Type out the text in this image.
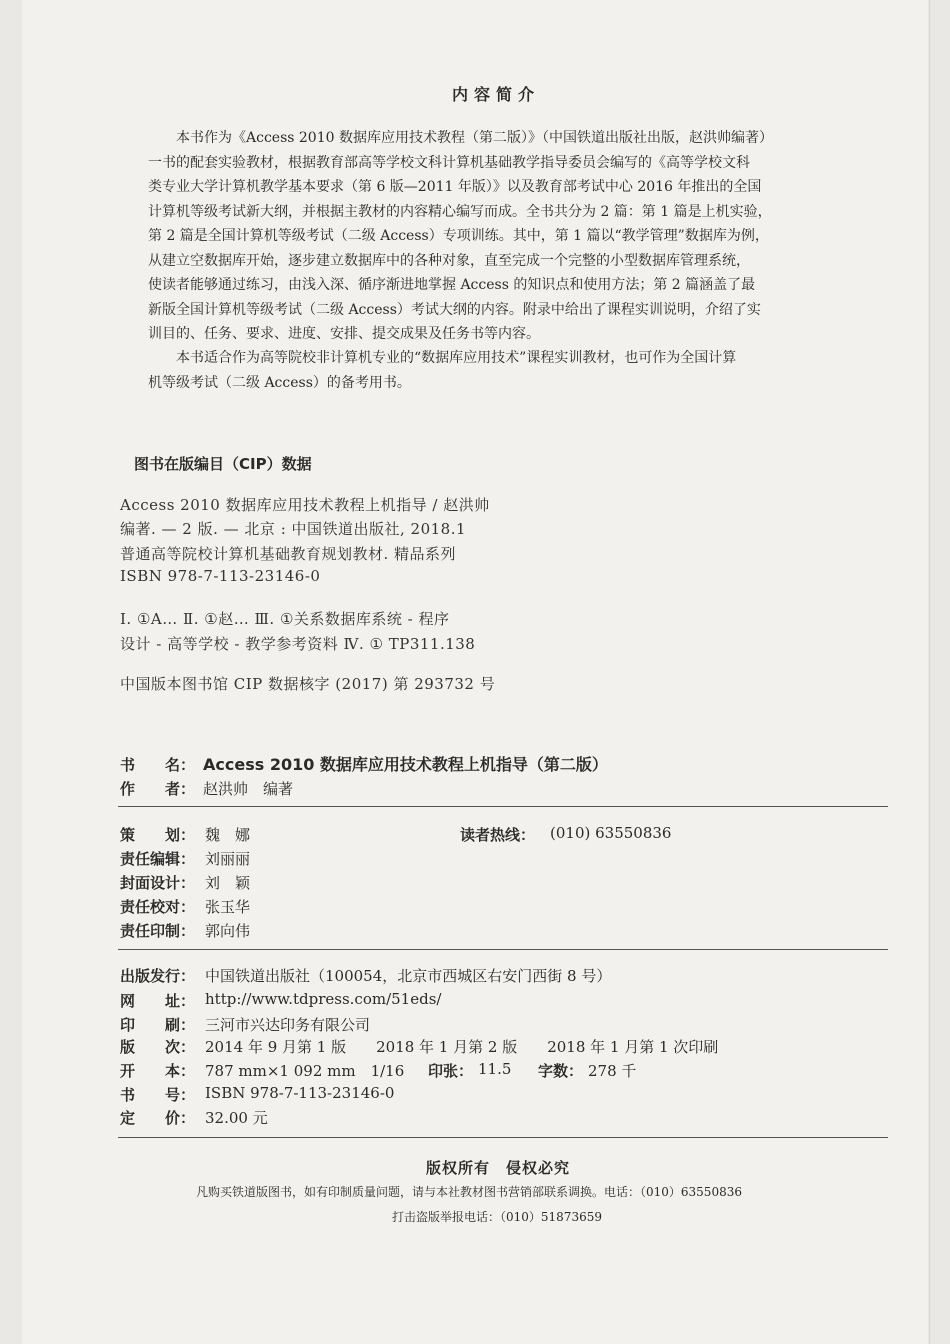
内容简介
本书作为《Access 2010 数据库应用技术教程（第二版）》（中国铁道出版社出版，赵洪帅编著）
一书的配套实验教材，根据教育部高等学校文科计算机基础教学指导委员会编写的《高等学校文科
类专业大学计算机教学基本要求（第 6 版—2011 年版）》以及教育部考试中心 2016 年推出的全国
计算机等级考试新大纲，并根据主教材的内容精心编写而成。全书共分为 2 篇：第 1 篇是上机实验，
第 2 篇是全国计算机等级考试（二级 Access）专项训练。其中，第 1 篇以“教学管理”数据库为例，
从建立空数据库开始，逐步建立数据库中的各种对象，直至完成一个完整的小型数据库管理系统，
使读者能够通过练习，由浅入深、循序渐进地掌握 Access 的知识点和使用方法；第 2 篇涵盖了最
新版全国计算机等级考试（二级 Access）考试大纲的内容。附录中给出了课程实训说明，介绍了实
训目的、任务、要求、进度、安排、提交成果及任务书等内容。
本书适合作为高等院校非计算机专业的“数据库应用技术”课程实训教材，也可作为全国计算
机等级考试（二级 Access）的备考用书。
图书在版编目（CIP）数据
Access 2010 数据库应用技术教程上机指导 / 赵洪帅
编著. — 2 版. — 北京 : 中国铁道出版社, 2018.1
普通高等院校计算机基础教育规划教材. 精品系列
ISBN 978-7-113-23146-0
Ⅰ. ①A… Ⅱ. ①赵… Ⅲ. ①关系数据库系统 - 程序
设计 - 高等学校 - 教学参考资料 Ⅳ. ① TP311.138
中国版本图书馆 CIP 数据核字 (2017) 第 293732 号
书　　名： Access 2010 数据库应用技术教程上机指导（第二版）
作　　者： 赵洪帅　编著
策　　划： 魏　娜	读者热线： (010) 63550836
责任编辑： 刘丽丽
封面设计： 刘　颖
责任校对： 张玉华
责任印制： 郭向伟
出版发行： 中国铁道出版社（100054，北京市西城区右安门西街 8 号）
网　　址： http://www.tdpress.com/51eds/
印　　刷： 三河市兴达印务有限公司
版　　次： 2014 年 9 月第 1 版　　2018 年 1 月第 2 版　　2018 年 1 月第 1 次印刷
开　　本： 787 mm×1 092 mm　1/16 印张： 11.5 字数： 278 千
书　　号： ISBN 978-7-113-23146-0
定　　价： 32.00 元
版权所有　侵权必究
凡购买铁道版图书，如有印制质量问题，请与本社教材图书营销部联系调换。电话：（010）63550836
打击盗版举报电话：（010）51873659
